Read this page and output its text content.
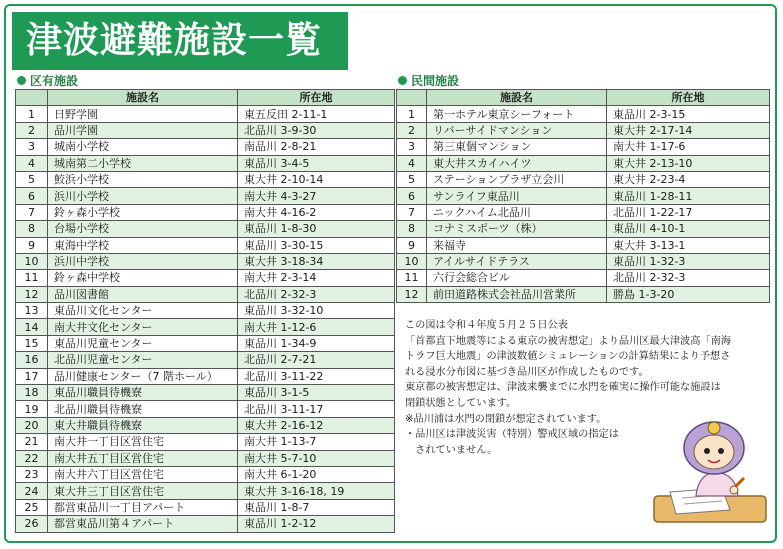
津波避難施設一覧
区有施設	民間施設
	施設名	所在地
1	日野学園	東五反田 2-11-1
2	品川学園	北品川 3-9-30
3	城南小学校	南品川 2-8-21
4	城南第二小学校	東品川 3-4-5
5	鮫浜小学校	東大井 2-10-14
6	浜川小学校	南大井 4-3-27
7	鈴ヶ森小学校	南大井 4-16-2
8	台場小学校	東品川 1-8-30
9	東海中学校	東品川 3-30-15
10	浜川中学校	東大井 3-18-34
11	鈴ヶ森中学校	南大井 2-3-14
12	品川図書館	北品川 2-32-3
13	東品川文化センター	東品川 3-32-10
14	南大井文化センター	南大井 1-12-6
15	東品川児童センター	東品川 1-34-9
16	北品川児童センター	北品川 2-7-21
17	品川健康センター（7 階ホール）	北品川 3-11-22
18	東品川職員待機寮	東品川 3-1-5
19	北品川職員待機寮	北品川 3-11-17
20	東大井職員待機寮	東大井 2-16-12
21	南大井一丁目区営住宅	南大井 1-13-7
22	南大井五丁目区営住宅	南大井 5-7-10
23	南大井六丁目区営住宅	南大井 6-1-20
24	東大井三丁目区営住宅	東大井 3-16-18, 19
25	都営東品川一丁目アパート	東品川 1-8-7
26	都営東品川第４アパート	東品川 1-2-12
	施設名	所在地
1	第一ホテル東京シーフォート	東品川 2-3-15
2	リバーサイドマンション	東大井 2-17-14
3	第三東個マンション	南大井 1-17-6
4	東大井スカイハイツ	東大井 2-13-10
5	ステーションプラザ立会川	東大井 2-23-4
6	サンライフ東品川	東品川 1-28-11
7	ニックハイム北品川	北品川 1-22-17
8	コナミスポーツ（株）	東品川 4-10-1
9	来福寺	東大井 3-13-1
10	アイルサイドテラス	東品川 1-32-3
11	六行会総合ビル	北品川 2-32-3
12	前田道路株式会社品川営業所	勝島 1-3-20

この図は令和４年度５月２５日公表

「首都直下地震等による東京の被害想定」より品川区最大津波高「南海

トラフ巨大地震」の津波数値シミュレーションの計算結果により予想さ

れる浸水分布図に基づき品川区が作成したものです。

東京都の被害想定は、津波来襲までに水門を確実に操作可能な施設は

閉鎖状態としています。

※品川浦は水門の閉鎖が想定されています。

・品川区は津波災害（特別）警戒区域の指定は

　されていません。
